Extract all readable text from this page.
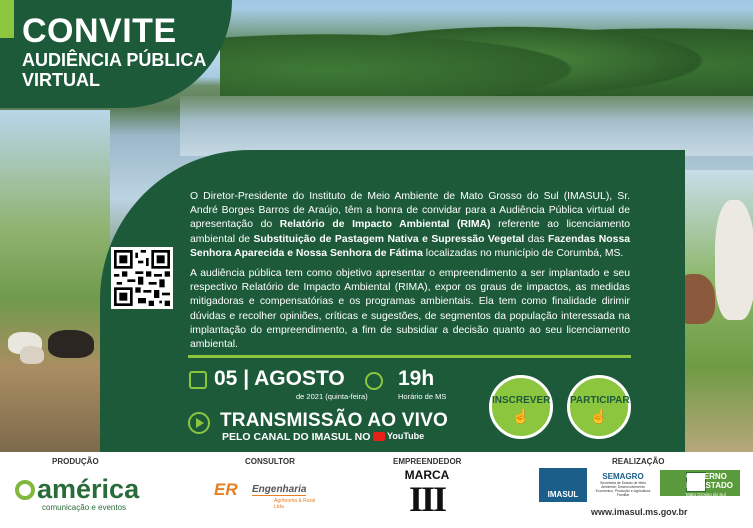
CONVITE
AUDIÊNCIA PÚBLICA
VIRTUAL

O Diretor-Presidente do Instituto de Meio Ambiente de Mato Grosso do Sul (IMASUL), Sr. André Borges Barros de Araújo, têm a honra de convidar para a Audiência Pública virtual de apresentação do Relatório de Impacto Ambiental (RIMA) referente ao licenciamento ambiental de Substituição de Pastagem Nativa e Supressão Vegetal das Fazendas Nossa Senhora Aparecida e Nossa Senhora de Fátima localizadas no município de Corumbá, MS.

A audiência pública tem como objetivo apresentar o empreendimento a ser implantado e seu respectivo Relatório de Impacto Ambiental (RIMA), expor os graus de impactos, as medidas mitigadoras e compensatórias e os programas ambientais. Ela tem como finalidade dirimir dúvidas e recolher opiniões, críticas e sugestões, de segmentos da população interessada na implantação do empreendimento, a fim de subsidiar a decisão quanto ao seu licenciamento ambiental.

05 | AGOSTO
de 2021 (quinta-feira)
19h
Horário de MS
TRANSMISSÃO AO VIVO
PELO CANAL DO IMASUL NO	YouTube
INSCREVER
☝
PARTICIPAR
☝
PRODUÇÃO
américa
comunicação e eventos
CONSULTOR
ER Engenharia
Agrônoma & Rural Ltda
EMPREENDEDOR
MARCA
III
REALIZAÇÃO
IMASUL
SEMAGRO
Secretaria de Estado de Meio Ambiente, Desenvolvimento Econômico, Produção e Agricultura Familiar
GOVERNO
DO ESTADO
Mato Grosso do Sul
www.imasul.ms.gov.br
